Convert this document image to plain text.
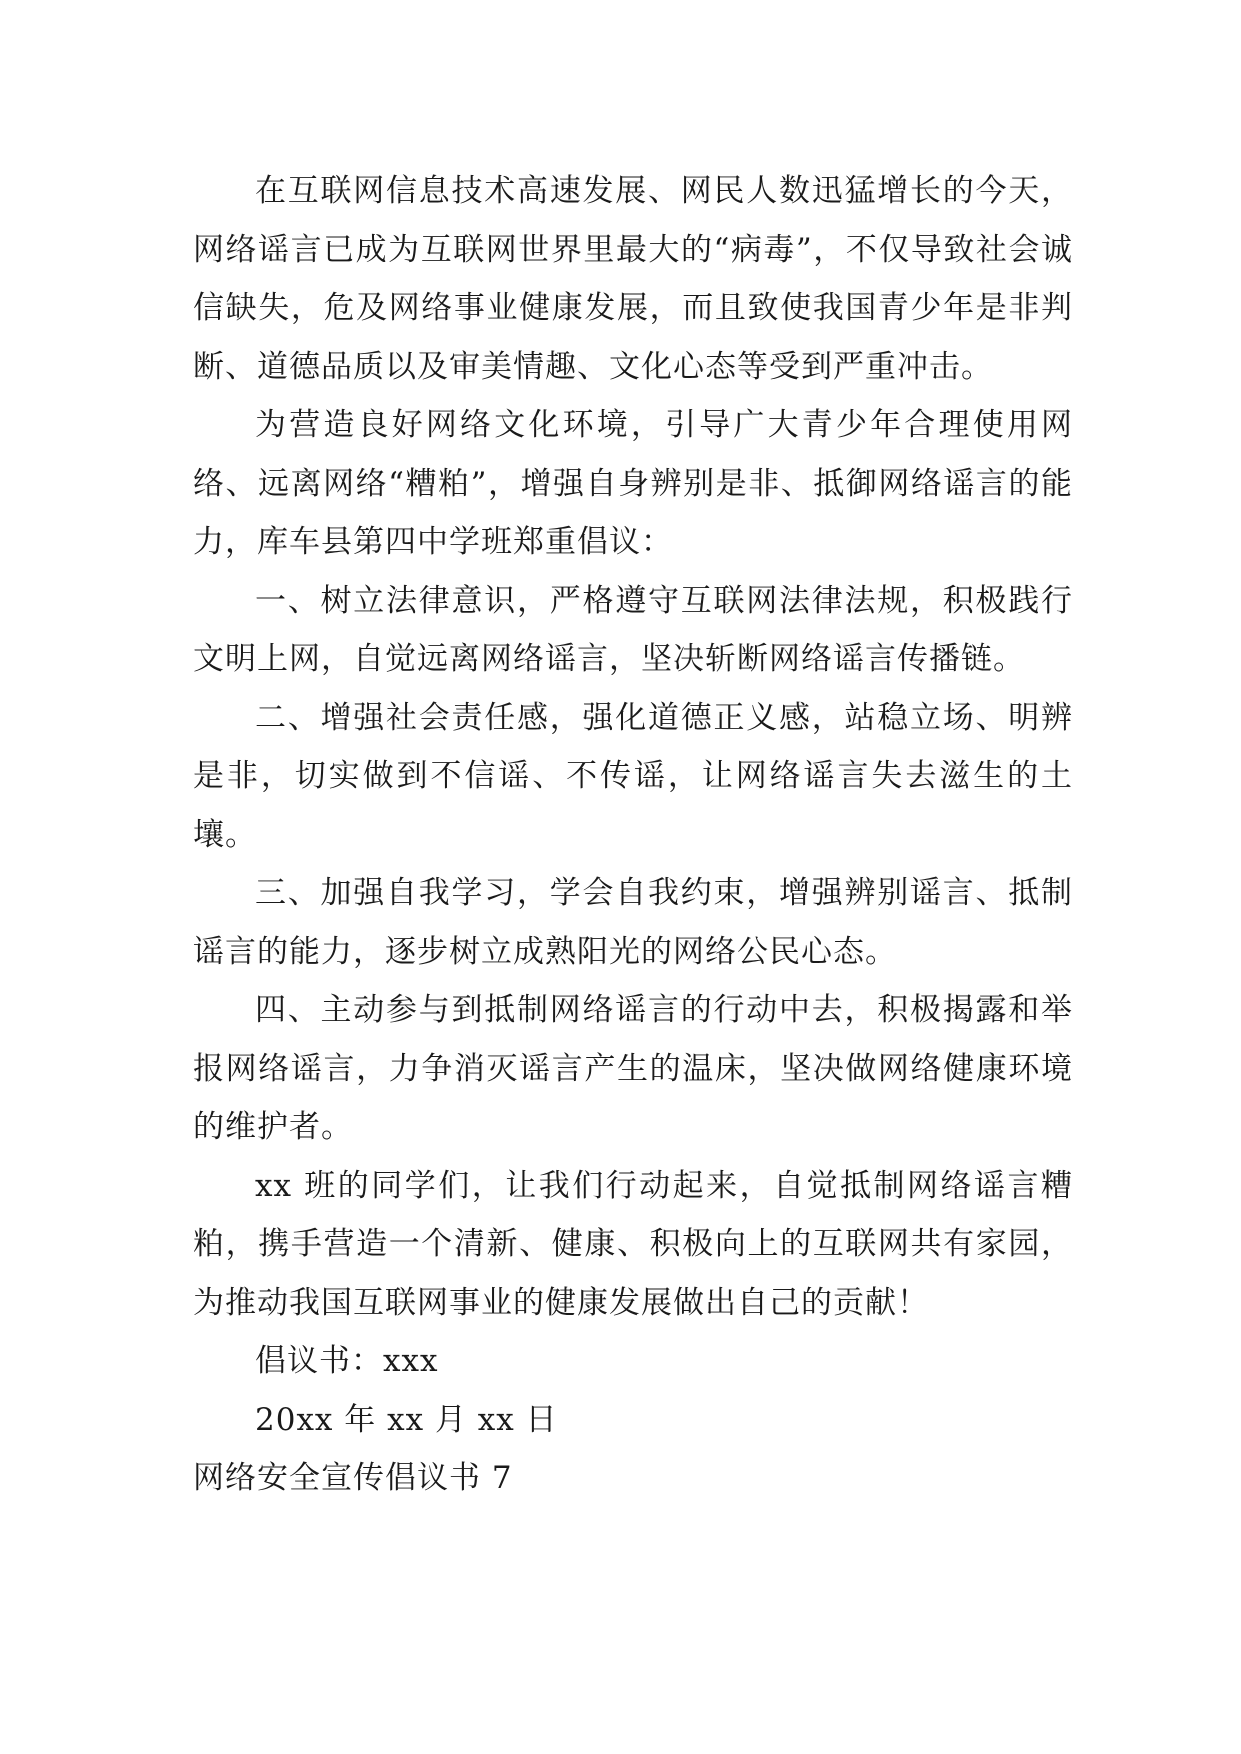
在互联网信息技术高速发展、网民人数迅猛增长的今天，网络谣言已成为互联网世界里最大的“病毒”，不仅导致社会诚信缺失，危及网络事业健康发展，而且致使我国青少年是非判断、道德品质以及审美情趣、文化心态等受到严重冲击。

为营造良好网络文化环境，引导广大青少年合理使用网络、远离网络“糟粕”，增强自身辨别是非、抵御网络谣言的能力，库车县第四中学班郑重倡议：

一、树立法律意识，严格遵守互联网法律法规，积极践行文明上网，自觉远离网络谣言，坚决斩断网络谣言传播链。

二、增强社会责任感，强化道德正义感，站稳立场、明辨是非，切实做到不信谣、不传谣，让网络谣言失去滋生的土壤。

三、加强自我学习，学会自我约束，增强辨别谣言、抵制谣言的能力，逐步树立成熟阳光的网络公民心态。

四、主动参与到抵制网络谣言的行动中去，积极揭露和举报网络谣言，力争消灭谣言产生的温床，坚决做网络健康环境的维护者。

xx 班的同学们，让我们行动起来，自觉抵制网络谣言糟粕，携手营造一个清新、健康、积极向上的互联网共有家园，为推动我国互联网事业的健康发展做出自己的贡献！

倡议书：xxx

20xx 年 xx 月 xx 日

网络安全宣传倡议书 7
